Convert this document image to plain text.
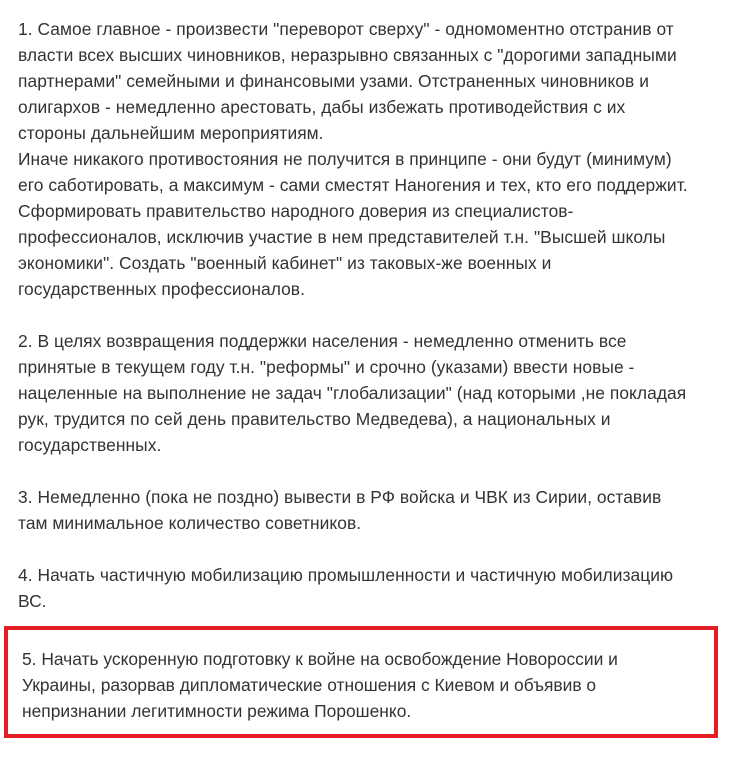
1. Самое главное - произвести "переворот сверху" - одномоментно отстранив от
власти всех высших чиновников, неразрывно связанных с "дорогими западными
партнерами" семейными и финансовыми узами. Отстраненных чиновников и
олигархов - немедленно арестовать, дабы избежать противодействия с их
стороны дальнейшим мероприятиям.
Иначе никакого противостояния не получится в принципе - они будут (минимум)
его саботировать, а максимум - сами сместят Наногения и тех, кто его поддержит.
Сформировать правительство народного доверия из специалистов-
профессионалов, исключив участие в нем представителей т.н. "Высшей школы
экономики". Создать "военный кабинет" из таковых-же военных и
государственных профессионалов.
2. В целях возвращения поддержки населения - немедленно отменить все
принятые в текущем году т.н. "реформы" и срочно (указами) ввести новые -
нацеленные на выполнение не задач "глобализации" (над которыми ,не покладая
рук, трудится по сей день правительство Медведева), а национальных и
государственных.
3. Немедленно (пока не поздно) вывести в РФ войска и ЧВК из Сирии, оставив
там минимальное количество советников.
4. Начать частичную мобилизацию промышленности и частичную мобилизацию
ВС.
5. Начать ускоренную подготовку к войне на освобождение Новороссии и
Украины, разорвав дипломатические отношения с Киевом и объявив о
непризнании легитимности режима Порошенко.
